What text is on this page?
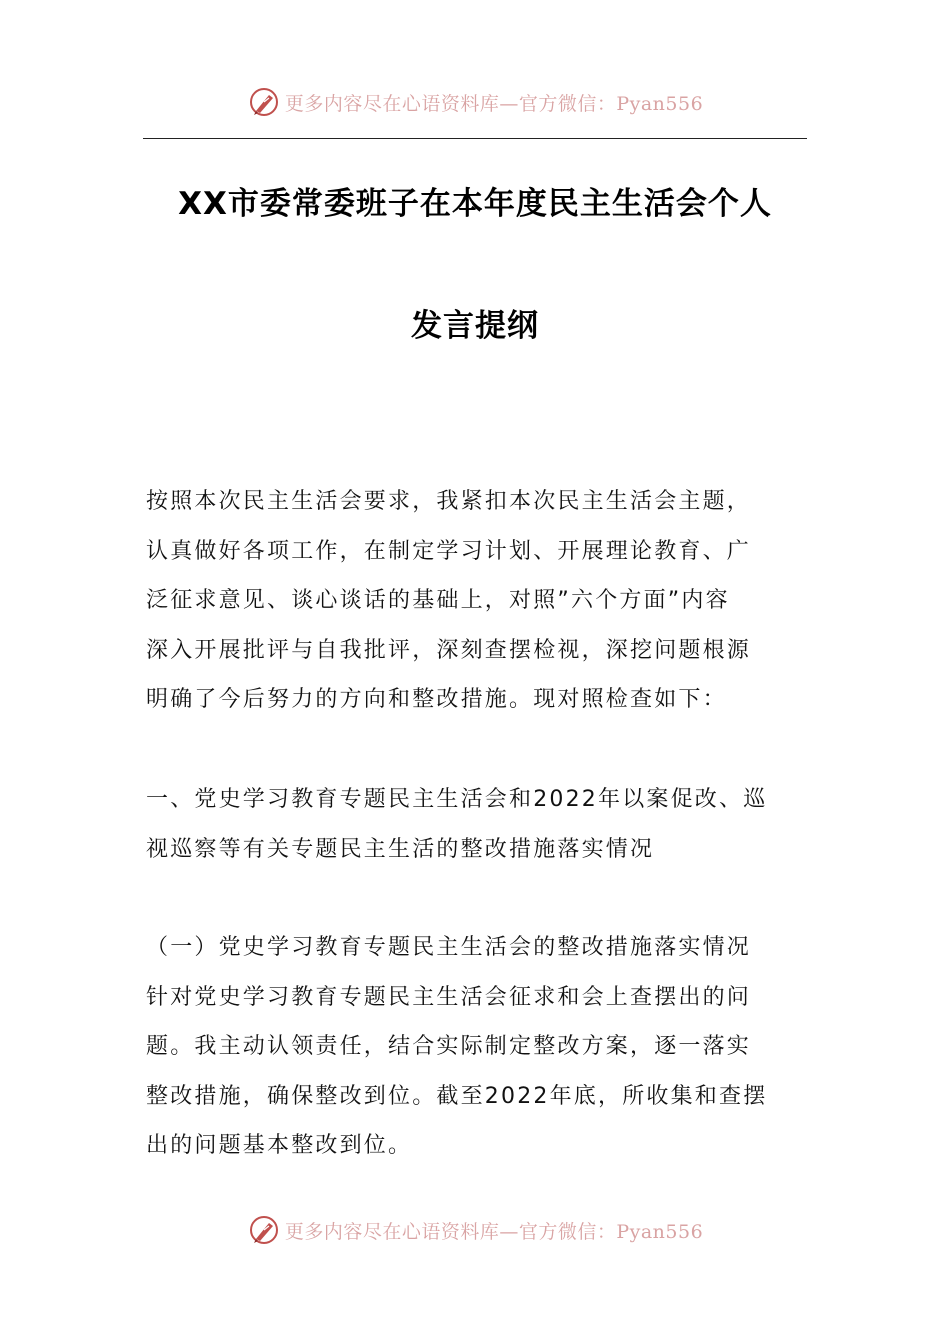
更多内容尽在心语资料库—官方微信：Pyan556
XX市委常委班子在本年度民主生活会个人
发言提纲

按照本次民主生活会要求，我紧扣本次民主生活会主题，
认真做好各项工作，在制定学习计划、开展理论教育、广
泛征求意见、谈心谈话的基础上，对照”六个方面”内容
深入开展批评与自我批评，深刻查摆检视，深挖问题根源
明确了今后努力的方向和整改措施。现对照检查如下：

一、党史学习教育专题民主生活会和2022年以案促改、巡
视巡察等有关专题民主生活的整改措施落实情况

（一）党史学习教育专题民主生活会的整改措施落实情况
针对党史学习教育专题民主生活会征求和会上查摆出的问
题。我主动认领责任，结合实际制定整改方案，逐一落实
整改措施，确保整改到位。截至2022年底，所收集和查摆
出的问题基本整改到位。

更多内容尽在心语资料库—官方微信：Pyan556
